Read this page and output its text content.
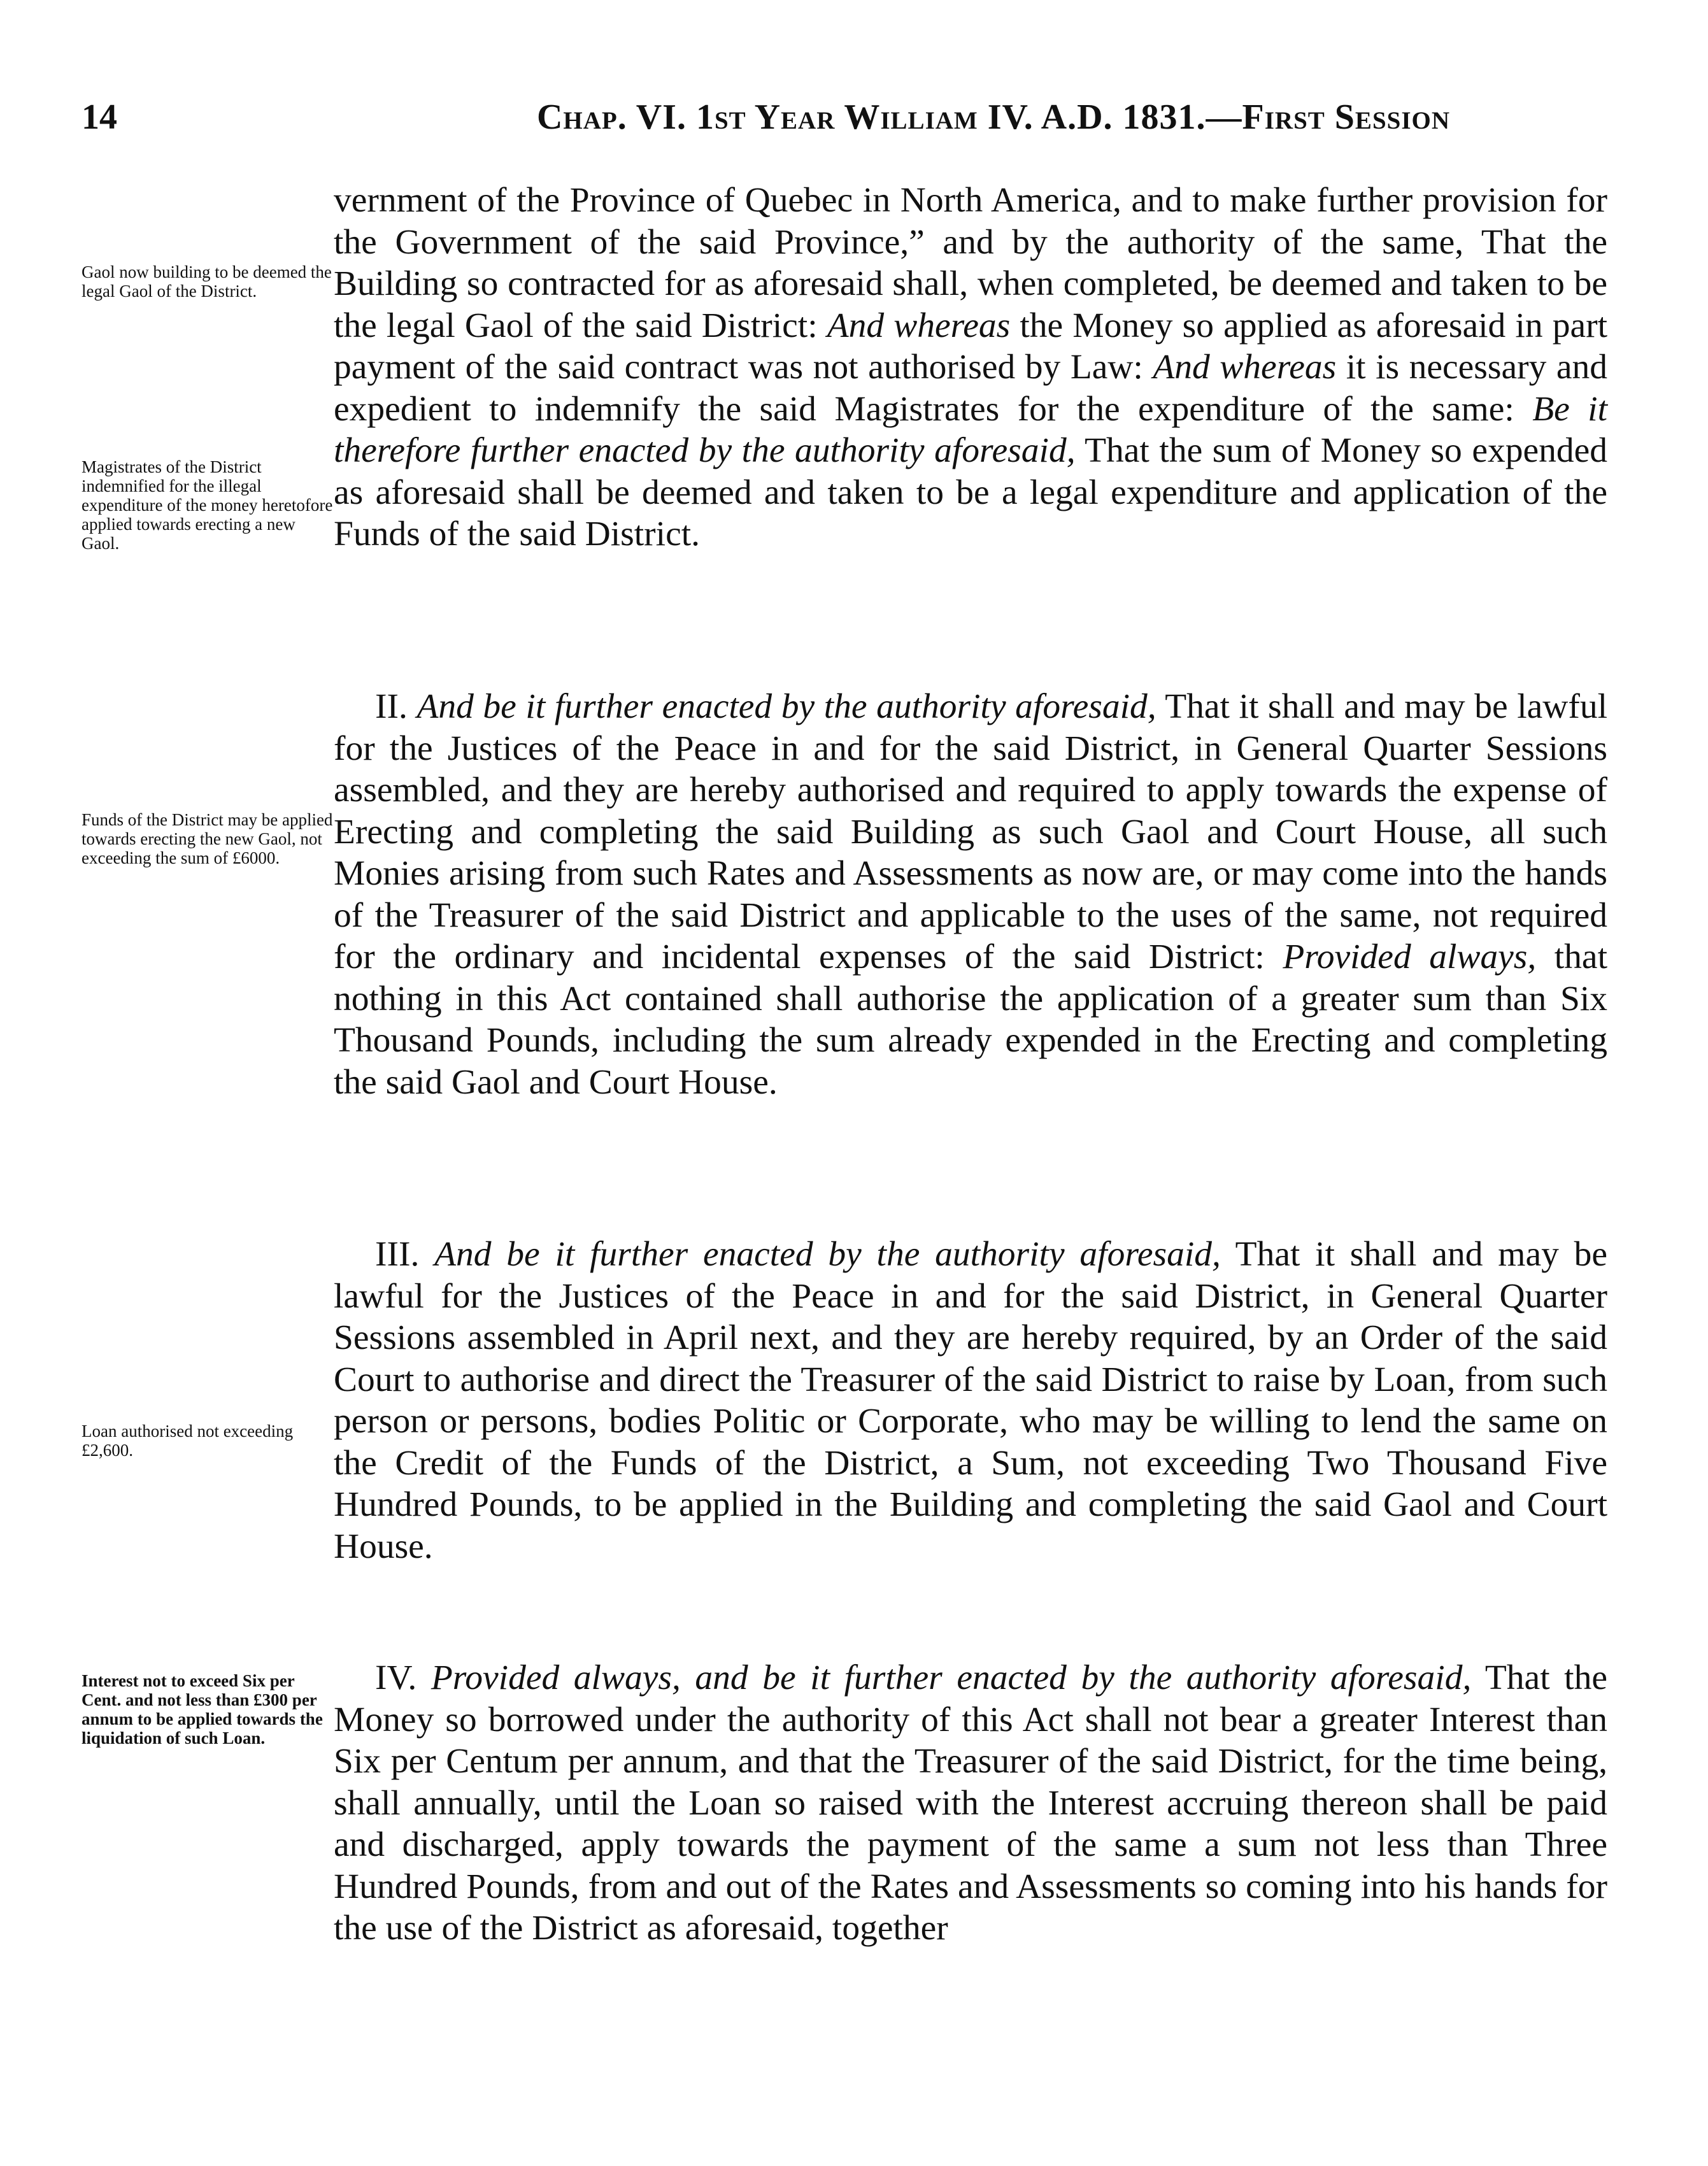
14	Chap. VI. 1st Year William IV. A.D. 1831.—First Session

Gaol now building to be deemed the legal Gaol of the District.

Magistrates of the District indemnified for the illegal expenditure of the money heretofore applied towards erecting a new Gaol.

Funds of the District may be applied towards erecting the new Gaol, not exceeding the sum of £6000.

Loan authorised not exceeding £2,600.

Interest not to exceed Six per Cent. and not less than £300 per annum to be applied towards the liquidation of such Loan.

vernment of the Province of Quebec in North America, and to make further provision for the Government of the said Province,” and by the authority of the same, That the Building so contracted for as aforesaid shall, when completed, be deemed and taken to be the legal Gaol of the said District: And whereas the Money so applied as aforesaid in part payment of the said contract was not authorised by Law: And whereas it is necessary and expedient to indemnify the said Magistrates for the expenditure of the same: Be it therefore further enacted by the authority aforesaid, That the sum of Money so expended as aforesaid shall be deemed and taken to be a legal expenditure and application of the Funds of the said District.

II. And be it further enacted by the authority aforesaid, That it shall and may be lawful for the Justices of the Peace in and for the said District, in General Quarter Sessions assembled, and they are hereby authorised and required to apply towards the expense of Erecting and completing the said Building as such Gaol and Court House, all such Monies arising from such Rates and Assessments as now are, or may come into the hands of the Treasurer of the said District and applicable to the uses of the same, not required for the ordinary and incidental expenses of the said District: Provided always, that nothing in this Act contained shall authorise the application of a greater sum than Six Thousand Pounds, including the sum already expended in the Erecting and completing the said Gaol and Court House.

III. And be it further enacted by the authority aforesaid, That it shall and may be lawful for the Justices of the Peace in and for the said District, in General Quarter Sessions assembled in April next, and they are hereby required, by an Order of the said Court to authorise and direct the Treasurer of the said District to raise by Loan, from such person or persons, bodies Politic or Corporate, who may be willing to lend the same on the Credit of the Funds of the District, a Sum, not exceeding Two Thousand Five Hundred Pounds, to be applied in the Building and completing the said Gaol and Court House.

IV. Provided always, and be it further enacted by the authority aforesaid, That the Money so borrowed under the authority of this Act shall not bear a greater Interest than Six per Centum per annum, and that the Treasurer of the said District, for the time being, shall annually, until the Loan so raised with the Interest accruing thereon shall be paid and discharged, apply towards the payment of the same a sum not less than Three Hundred Pounds, from and out of the Rates and Assessments so coming into his hands for the use of the District as aforesaid, together
